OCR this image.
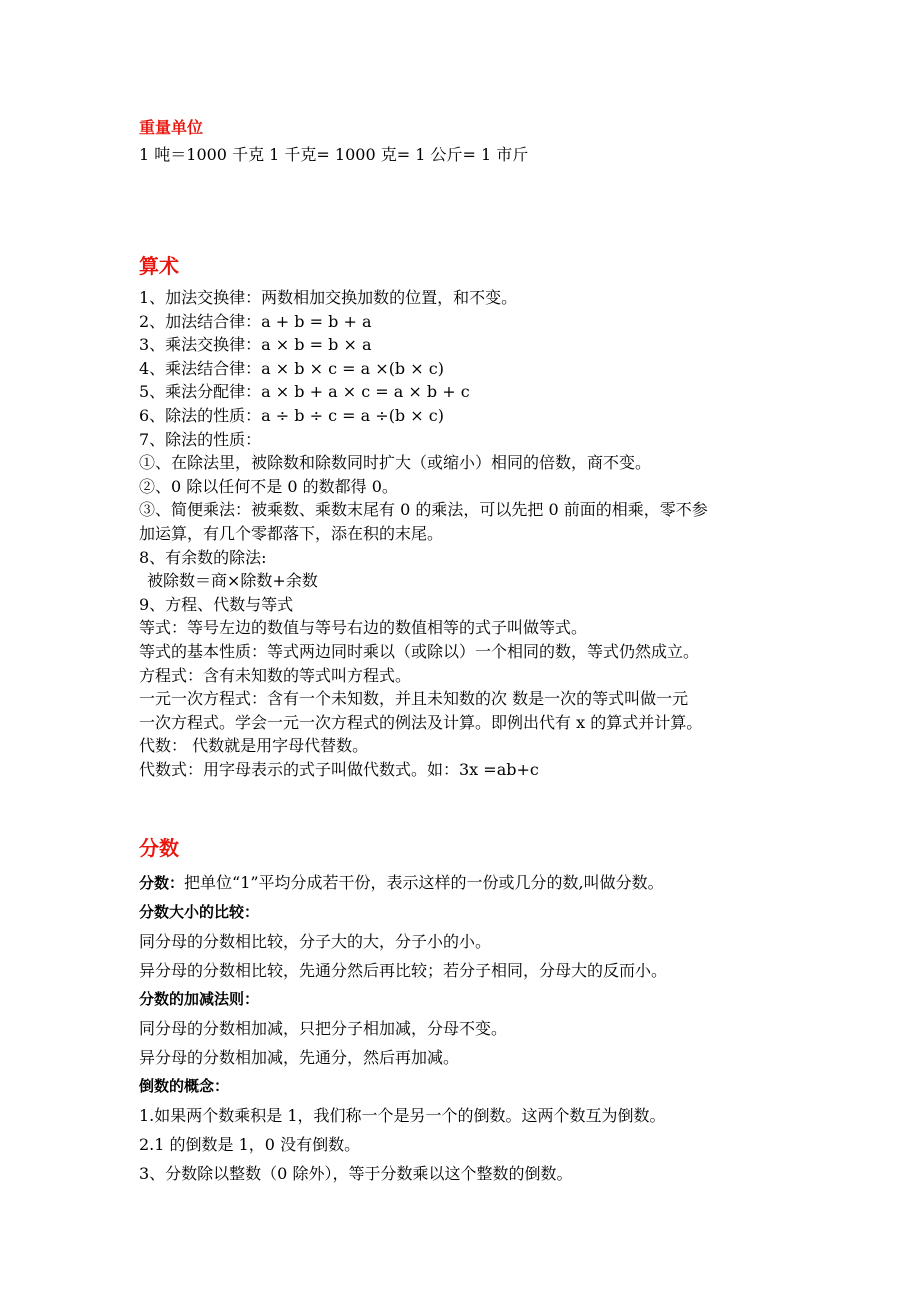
重量单位
1 吨＝1000 千克 1 千克= 1000 克= 1 公斤= 1 市斤
算术
1、加法交换律：两数相加交换加数的位置，和不变。
2、加法结合律：a + b = b + a
3、乘法交换律：a × b = b × a
4、乘法结合律：a × b × c = a ×(b × c)
5、乘法分配律：a × b + a × c = a × b + c
6、除法的性质：a ÷ b ÷ c = a ÷(b × c)
7、除法的性质：
①、在除法里，被除数和除数同时扩大（或缩小）相同的倍数，商不变。
②、0 除以任何不是 0 的数都得 0。
③、简便乘法：被乘数、乘数末尾有 0 的乘法，可以先把 0 前面的相乘，零不参
加运算，有几个零都落下，添在积的末尾。
8、有余数的除法:
被除数＝商×除数+余数
9、方程、代数与等式
等式：等号左边的数值与等号右边的数值相等的式子叫做等式。
等式的基本性质：等式两边同时乘以（或除以）一个相同的数，等式仍然成立。
方程式：含有未知数的等式叫方程式。
一元一次方程式：含有一个未知数，并且未知数的次 数是一次的等式叫做一元
一次方程式。学会一元一次方程式的例法及计算。即例出代有 x 的算式并计算。
代数： 代数就是用字母代替数。
代数式：用字母表示的式子叫做代数式。如：3x =ab+c
分数
分数：把单位“1”平均分成若干份，表示这样的一份或几分的数,叫做分数。
分数大小的比较：
同分母的分数相比较，分子大的大，分子小的小。
异分母的分数相比较，先通分然后再比较；若分子相同，分母大的反而小。
分数的加减法则：
同分母的分数相加减，只把分子相加减，分母不变。
异分母的分数相加减，先通分，然后再加减。
倒数的概念：
1.如果两个数乘积是 1，我们称一个是另一个的倒数。这两个数互为倒数。
2.1 的倒数是 1，0 没有倒数。
3、分数除以整数（0 除外），等于分数乘以这个整数的倒数。
